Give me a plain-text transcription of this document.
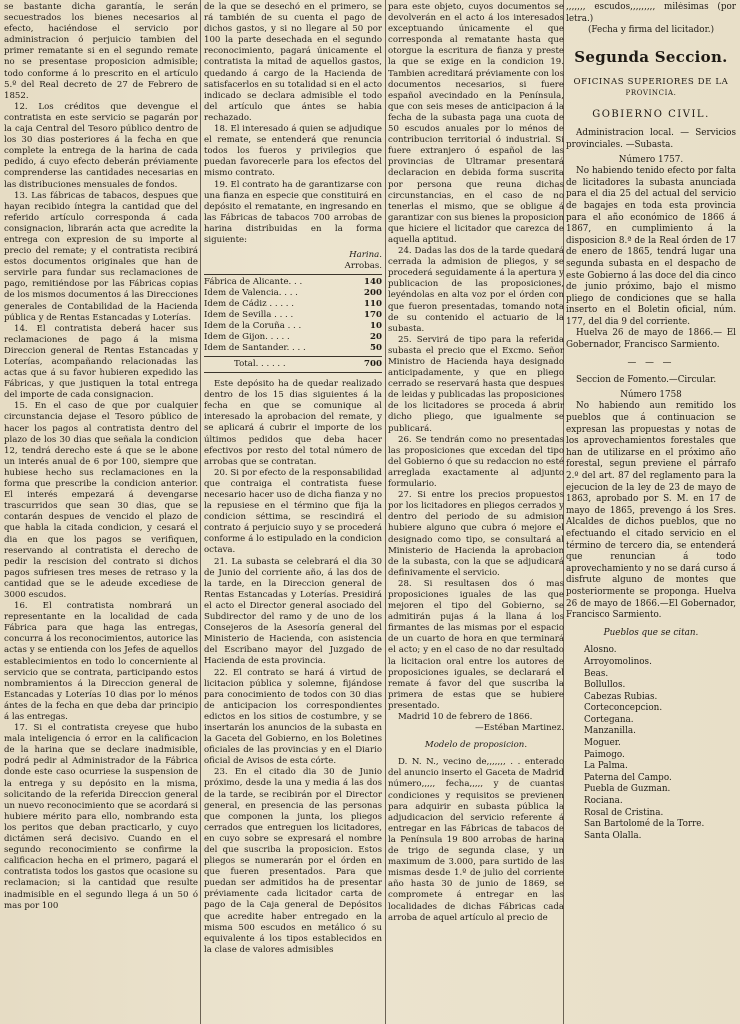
se bastante dicha garantía, le serán secuestrados los bienes necesarios al efecto, haciéndose el servicio por administracion ó perjuicio tambien del primer rematante si en el segundo remate no se presentase proposicion admisible; todo conforme á lo prescrito en el artículo 5.º del Real decreto de 27 de Febrero de 1852.

12. Los créditos que devengue el contratista en este servicio se pagarán por la caja Central del Tesoro público dentro de los 30 dias posteriores á la fecha en que complete la entrega de la harina de cada pedido, á cuyo efecto deberán préviamente comprenderse las cantidades necesarias en las distribuciones mensuales de fondos.

13. Las fábricas de tabacos, despues que hayan recibido íntegra la cantidad que del referido artículo corresponda á cada consignacion, librarán acta que acredite la entrega con expresion de su importe al precio del remate; y el contratista recibirá estos documentos originales que han de servirle para fundar sus reclamaciones de pago, remitiéndose por las Fábricas copias de los mismos documentos á las Direcciones generales de Contabilidad de la Hacienda pública y de Rentas Estancadas y Loterías.

14. El contratista deberá hacer sus reclamaciones de pago á la misma Direccion general de Rentas Estancadas y Loterías, acompañando relacionadas las actas que á su favor hubieren expedido las Fábricas, y que justiquen la total entrega del importe de cada consignacion.

15. En el caso de que por cualquier circunstancia dejase el Tesoro público de hacer los pagos al contratista dentro del plazo de los 30 dias que señala la condicion 12, tendrá derecho este á que se le abone un interés anual de 6 por 100, siempre que hubiese hecho sus reclamaciones en la forma que prescribe la condicion anterior. El interés empezará á devengarse trascurridos que sean 30 dias, que se contarán despues de vencido el plazo de que habla la citada condicion, y cesará el dia en que los pagos se verifiquen, reservando al contratista el derecho de pedir la rescision del contrato si dichos pagos sufriesen tres meses de retraso y la cantidad que se le adeude excediese de 3000 escudos.

16. El contratista nombrará un representante en la localidad de cada Fábrica para que haga las entregas, concurra á los reconocimientos, autorice las actas y se entienda con los Jefes de aquellos establecimientos en todo lo concerniente al servicio que se contrata, participando estos nombramientos á la Direccion general de Estancadas y Loterías 10 dias por lo ménos ántes de la fecha en que deba dar principio á las entregas.

17. Si el contratista creyese que hubo mala inteligencia ó error en la calificacion de la harina que se declare inadmisible, podrá pedir al Administrador de la Fábrica donde este caso ocurriese la suspension de la entrega y su depósito en la misma, solicitando de la referida Direccion general un nuevo reconocimiento que se acordará si hubiere mérito para ello, nombrando esta los peritos que deban practicarlo, y cuyo dictámen será decisivo. Cuando en el segundo reconocimiento se confirme la calificacion hecha en el primero, pagará el contratista todos los gastos que ocasione su reclamacion; si la cantidad que resulte inadmisible en el segundo llega á un 50 ó mas por 100

de la que se desechó en el primero, se rá también de su cuenta el pago de dichos gastos, y si no llegare al 50 por 100 la parte desechada en el segundo reconocimiento, pagará únicamente el contratista la mitad de aquellos gastos, quedando á cargo de la Hacienda de satisfacerlos en su totalidad si en el acto indicado se declara admisible el todo del artículo que ántes se habia rechazado.

18. El interesado á quien se adjudique el remate, se entenderá que renuncia todos los fueros y privilegios que puedan favorecerle para los efectos del mismo contrato.

19. El contrato ha de garantizarse con una fianza en especie que constituirá en depósito el rematante, en ingresando en las Fábricas de tabacos 700 arrobas de harina distribuidas en la forma siguiente:

	Harina.
	Arrobas.

Fábrica de Alicante. . .	140
Idem de Valencia. . . .	200
Idem de Cádiz . . . . .	110
Idem de Sevilla . . . .	170
Idem de la Coruña . . .	10
Idem de Gijon. . . . .	20
Idem de Santander. . . .	50

Total. . . . . .	700

Este depósito ha de quedar realizado dentro de los 15 dias siguientes á la fecha en que se comunique al interesado la aprobacion del remate, y se aplicará á cubrir el importe de los últimos pedidos que deba hacer efectivos por resto del total número de arrobas que se contratan.

20. Si por efecto de la responsabilidad que contraiga el contratista fuese necesario hacer uso de dicha fianza y no la repusiese en el término que fija la condicion séttima, se rescindirá el contrato á perjuicio suyo y se procederá conforme á lo estipulado en la condicion octava.

21. La subasta se celebrará el dia 30 de Junio del corriente año, á las dos de la tarde, en la Direccion general de Rentas Estancadas y Loterías. Presidirá el acto el Director general asociado del Subdirector del ramo y de uno de los Consejeros de la Asesoría general del Ministerio de Hacienda, con asistencia del Escribano mayor del Juzgado de Hacienda de esta provincia.

22. El contrato se hará á virtud de licitacion pública y solemne, fijándose para conocimiento de todos con 30 dias de anticipacion los correspondientes edictos en los sitios de costumbre, y se insertarán los anuncios de la subasta en la Gaceta del Gobierno, en los Boletines oficiales de las provincias y en el Diario oficial de Avisos de esta córte.

23. En el citado dia 30 de Junio próximo, desde la una y media á las dos de la tarde, se recibirán por el Director general, en presencia de las personas que componen la junta, los pliegos cerrados que entreguen los licitadores, en cuyo sobre se expresará el nombre del que suscriba la proposicion. Estos pliegos se numerarán por el órden en que fueren presentados. Para que puedan ser admitidos ha de presentar préviamente cada licitador carta de pago de la Caja general de Depósitos que acredite haber entregado en la misma 500 escudos en metálico ó su equivalente á los tipos establecidos en la clase de valores admisibles

para este objeto, cuyos documentos se devolverán en el acto á los interesados exceptuando únicamente el que corresponda al rematante hasta que otorgue la escritura de fianza y preste la que se exige en la condicion 19. Tambien acreditará préviamente con los documentos necesarios, si fuere español avecindado en la Península, que con seis meses de anticipacion á la fecha de la subasta paga una cuota de 50 escudos anuales por lo ménos de contribucion territorial ó industrial. Si fuere extranjero ó español de las provincias de Ultramar presentará declaracion en debida forma suscrita por persona que reuna dichas circunstancias, en el caso de no tenerlas el mismo, que se obligue á garantizar con sus bienes la proposicion que hiciere el licitador que carezca de aquella aptitud.

24. Dadas las dos de la tarde quedará cerrada la admision de pliegos, y se procederá seguidamente á la apertura y publicacion de las proposiciones, leyéndolas en alta voz por el órden con que fueron presentadas, tomando nota de su contenido el actuario de la subasta.

25. Servirá de tipo para la referida subasta el precio que el Excmo. Señor Ministro de Hacienda haya designado anticipadamente, y que en pliego cerrado se reservará hasta que despues de leidas y publicadas las proposiciones de los licitadores se proceda á abrir dicho pliego, que igualmente se publicará.

26. Se tendrán como no presentadas las proposiciones que excedan del tipo del Gobierno ó que su redaccion no esté arreglada exactamente al adjunto formulario.

27. Si entre los precios propuestos por los licitadores en pliegos cerrados y dentro del periodo de su admision hubiere alguno que cubra ó mejore el designado como tipo, se consultará al Ministerio de Hacienda la aprobacion de la subasta, con la que se adjudicará definivamente el servicio.

28. Si resultasen dos ó mas proposiciones iguales de las que mejoren el tipo del Gobierno, se admitirán pujas á la llana á los firmantes de las mismas por el espacio de un cuarto de hora en que terminará el acto; y en el caso de no dar resultado la licitacion oral entre los autores de proposiciones iguales, se declarará el remate á favor del que suscriba la primera de estas que se hubiere presentado.

Madrid 10 de febrero de 1866.

—Estéban Martinez.

Modelo de proposicion.

D. N. N., vecino de,,,,,,, . . enterado del anuncio inserto el Gaceta de Madrid número,,,,, fecha,,,,, y de cuantas condiciones y requisitos se previenen para adquirir en subasta pública la adjudicacion del servicio referente á entregar en las Fábricas de tabacos de la Península 19 800 arrobas de harina de trigo de segunda clase, y un maximum de 3.000, para surtido de las mismas desde 1.º de julio del corriente año hasta 30 de junio de 1869, se compromete á entregar en las localidades de dichas Fábricas cada arroba de aquel artículo al precio de

,,,,,,, escudos,,,,,,,,, milésimas (por letra.)

(Fecha y firma del licitador.)

Segunda Seccion.
OFICINAS SUPERIORES DE LA
PROVINCIA.
GOBIERNO CIVIL.

Administracion local. — Servicios provinciales. —Subasta.

Número 1757.

No habiendo tenido efecto por falta de licitadores la subasta anunciada para el dia 25 del actual del servicio de bagajes en toda esta provincia para el año económico de 1866 á 1867, en cumplimiento á la disposicion 8.ª de la Real órden de 17 de enero de 1865, tendrá lugar una segunda subasta en el despacho de este Gobierno á las doce del dia cinco de junio próximo, bajo el mismo pliego de condiciones que se halla inserto en el Boletin oficial, núm. 177, del dia 9 del corriente.

Huelva 26 de mayo de 1866.— El Gobernador, Francisco Sarmiento.

— — —

Seccion de Fomento.—Circular.

Número 1758

No habiendo aun remitido los pueblos que á continuacion se expresan las propuestas y notas de los aprovechamientos forestales que han de utilizarse en el próximo año forestal, segun previene el párrafo 2.º del art. 87 del reglamento para la ejecucion de la ley de 23 de mayo de 1863, aprobado por S. M. en 17 de mayo de 1865, prevengo á los Sres. Alcaldes de dichos pueblos, que no efectuando el citado servicio en el término de tercero dia, se entenderá que renuncian á todo aprovechamiento y no se dará curso á disfrute alguno de montes que posteriormente se proponga. Huelva 26 de mayo de 1866.—El Gobernador, Francisco Sarmiento.

Pueblos que se citan.
Alosno.
Arroyomolinos.
Beas.
Bollullos.
Cabezas Rubias.
Corteconcepcion.
Cortegana.
Manzanilla.
Moguer.
Paimogo.
La Palma.
Paterna del Campo.
Puebla de Guzman.
Rociana.
Rosal de Cristina.
San Bartolomé de la Torre.
Santa Olalla.
